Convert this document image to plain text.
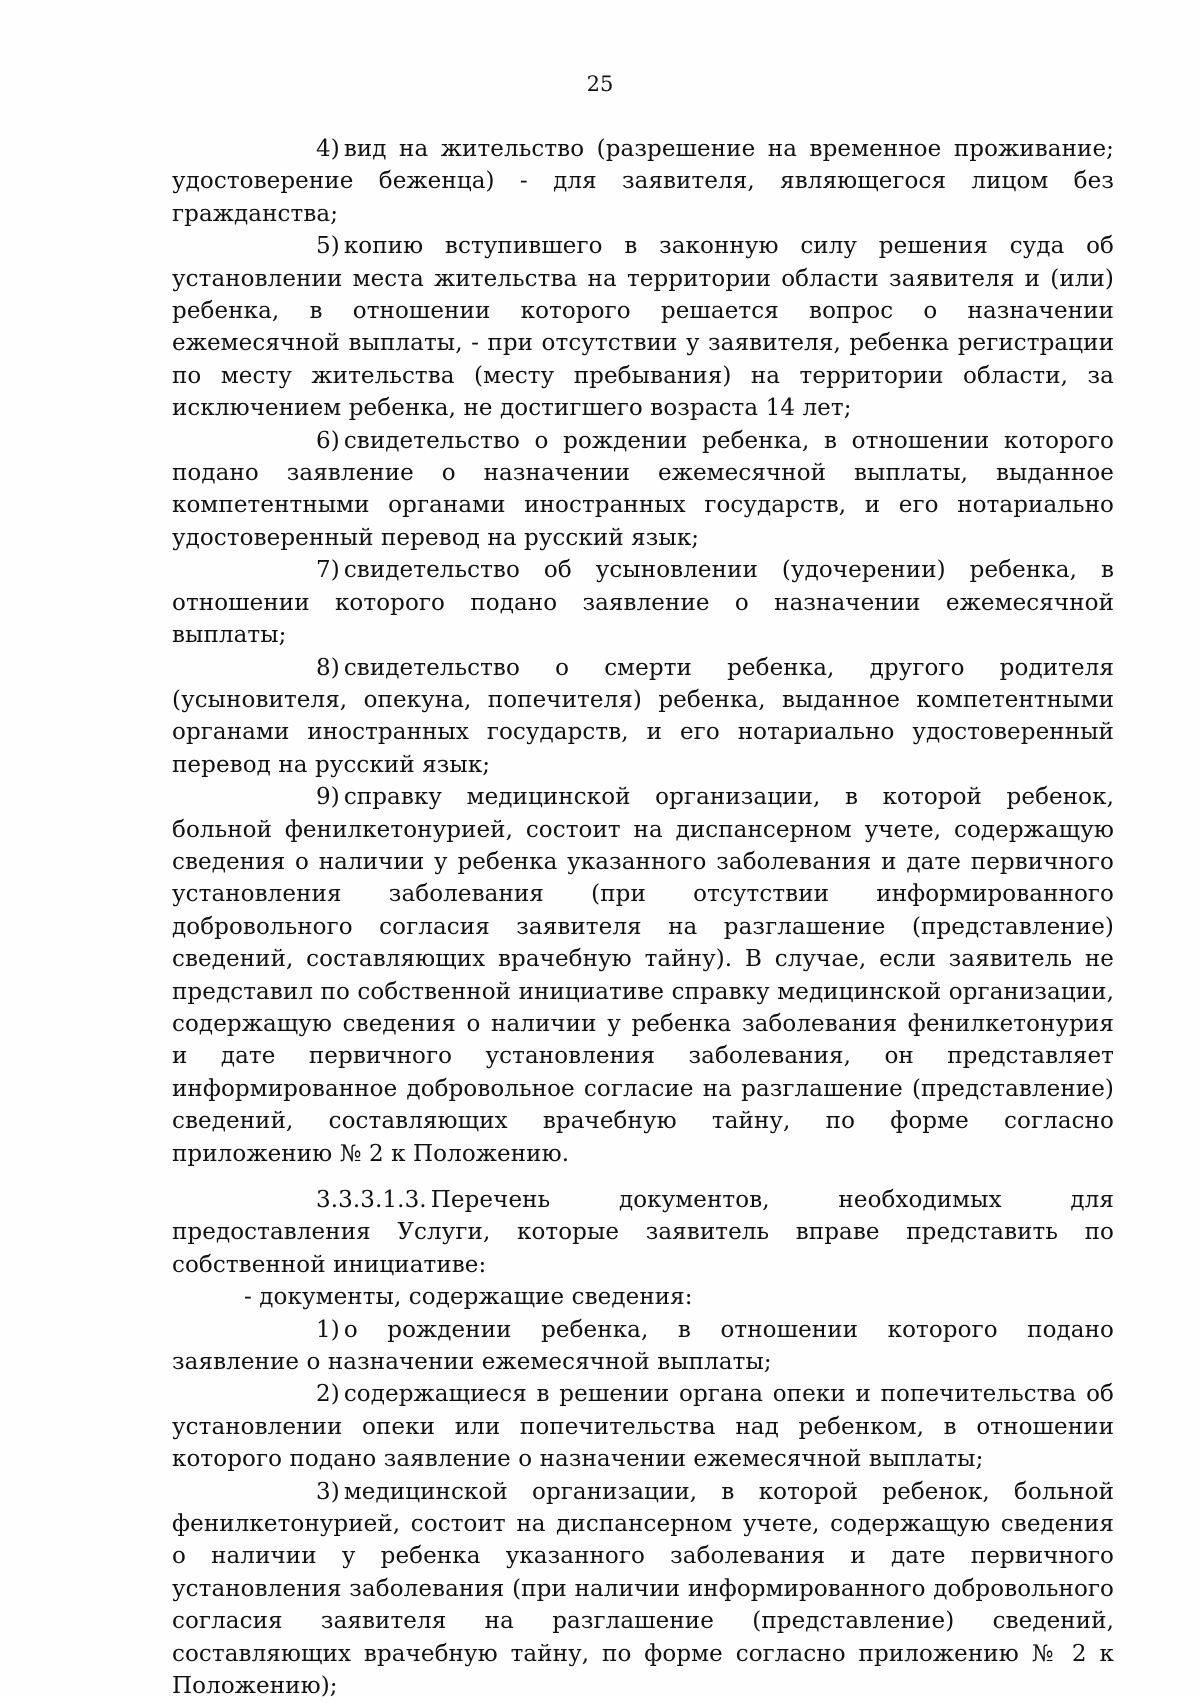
25

4) вид на жительство (разрешение на временное проживание; удостоверение беженца) - для заявителя, являющегося лицом без гражданства;

5) копию вступившего в законную силу решения суда об установлении места жительства на территории области заявителя и (или) ребенка, в отношении которого решается вопрос о назначении ежемесячной выплаты, - при отсутствии у заявителя, ребенка регистрации по месту жительства (месту пребывания) на территории области, за исключением ребенка, не достигшего возраста 14 лет;

6) свидетельство о рождении ребенка, в отношении которого подано заявление о назначении ежемесячной выплаты, выданное компетентными органами иностранных государств, и его нотариально удостоверенный перевод на русский язык;

7) свидетельство об усыновлении (удочерении) ребенка, в отношении которого подано заявление о назначении ежемесячной выплаты;

8) свидетельство о смерти ребенка, другого родителя (усыновителя, опекуна, попечителя) ребенка, выданное компетентными органами иностранных государств, и его нотариально удостоверенный перевод на русский язык;

9) справку медицинской организации, в которой ребенок, больной фенилкетонурией, состоит на диспансерном учете, содержащую сведения о наличии у ребенка указанного заболевания и дате первичного установления заболевания (при отсутствии информированного добровольного согласия заявителя на разглашение (представление) сведений, составляющих врачебную тайну). В случае, если заявитель не представил по собственной инициативе справку медицинской организации, содержащую сведения о наличии у ребенка заболевания фенилкетонурия и дате первичного установления заболевания, он представляет информированное добровольное согласие на разглашение (представление) сведений, составляющих врачебную тайну, по форме согласно приложению № 2 к Положению.

3.3.3.1.3. Перечень документов, необходимых для предоставления Услуги, которые заявитель вправе представить по собственной инициативе:

- документы, содержащие сведения:

1) о рождении ребенка, в отношении которого подано заявление о назначении ежемесячной выплаты;

2) содержащиеся в решении органа опеки и попечительства об установлении опеки или попечительства над ребенком, в отношении которого подано заявление о назначении ежемесячной выплаты;

3) медицинской организации, в которой ребенок, больной фенилкетонурией, состоит на диспансерном учете, содержащую сведения о наличии у ребенка указанного заболевания и дате первичного установления заболевания (при наличии информированного добровольного согласия заявителя на разглашение (представление) сведений, составляющих врачебную тайну, по форме согласно приложению № 2 к Положению);
